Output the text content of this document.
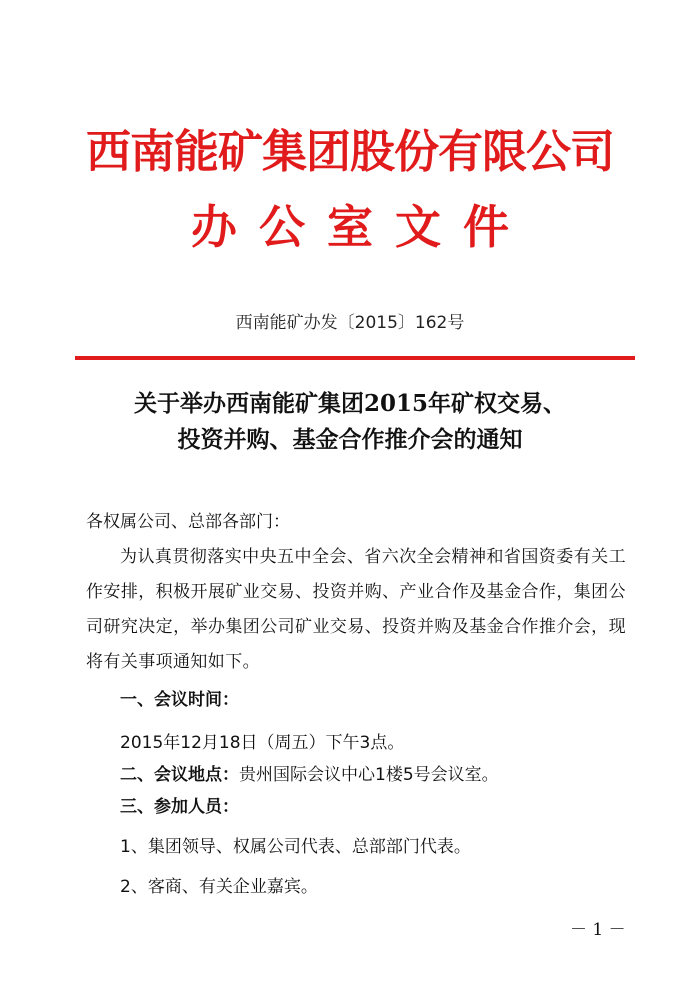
西南能矿集团股份有限公司
办公室文件
西南能矿办发〔2015〕162号
关于举办西南能矿集团2015年矿权交易、
投资并购、基金合作推介会的通知
各权属公司、总部各部门：
为认真贯彻落实中央五中全会、省六次全会精神和省国资委有关工作安排，积极开展矿业交易、投资并购、产业合作及基金合作，集团公司研究决定，举办集团公司矿业交易、投资并购及基金合作推介会，现将有关事项通知如下。
一、会议时间：
2015年12月18日（周五）下午3点。
二、会议地点：贵州国际会议中心1楼5号会议室。
三、参加人员：
1、集团领导、权属公司代表、总部部门代表。
2、客商、有关企业嘉宾。
－ 1 －
